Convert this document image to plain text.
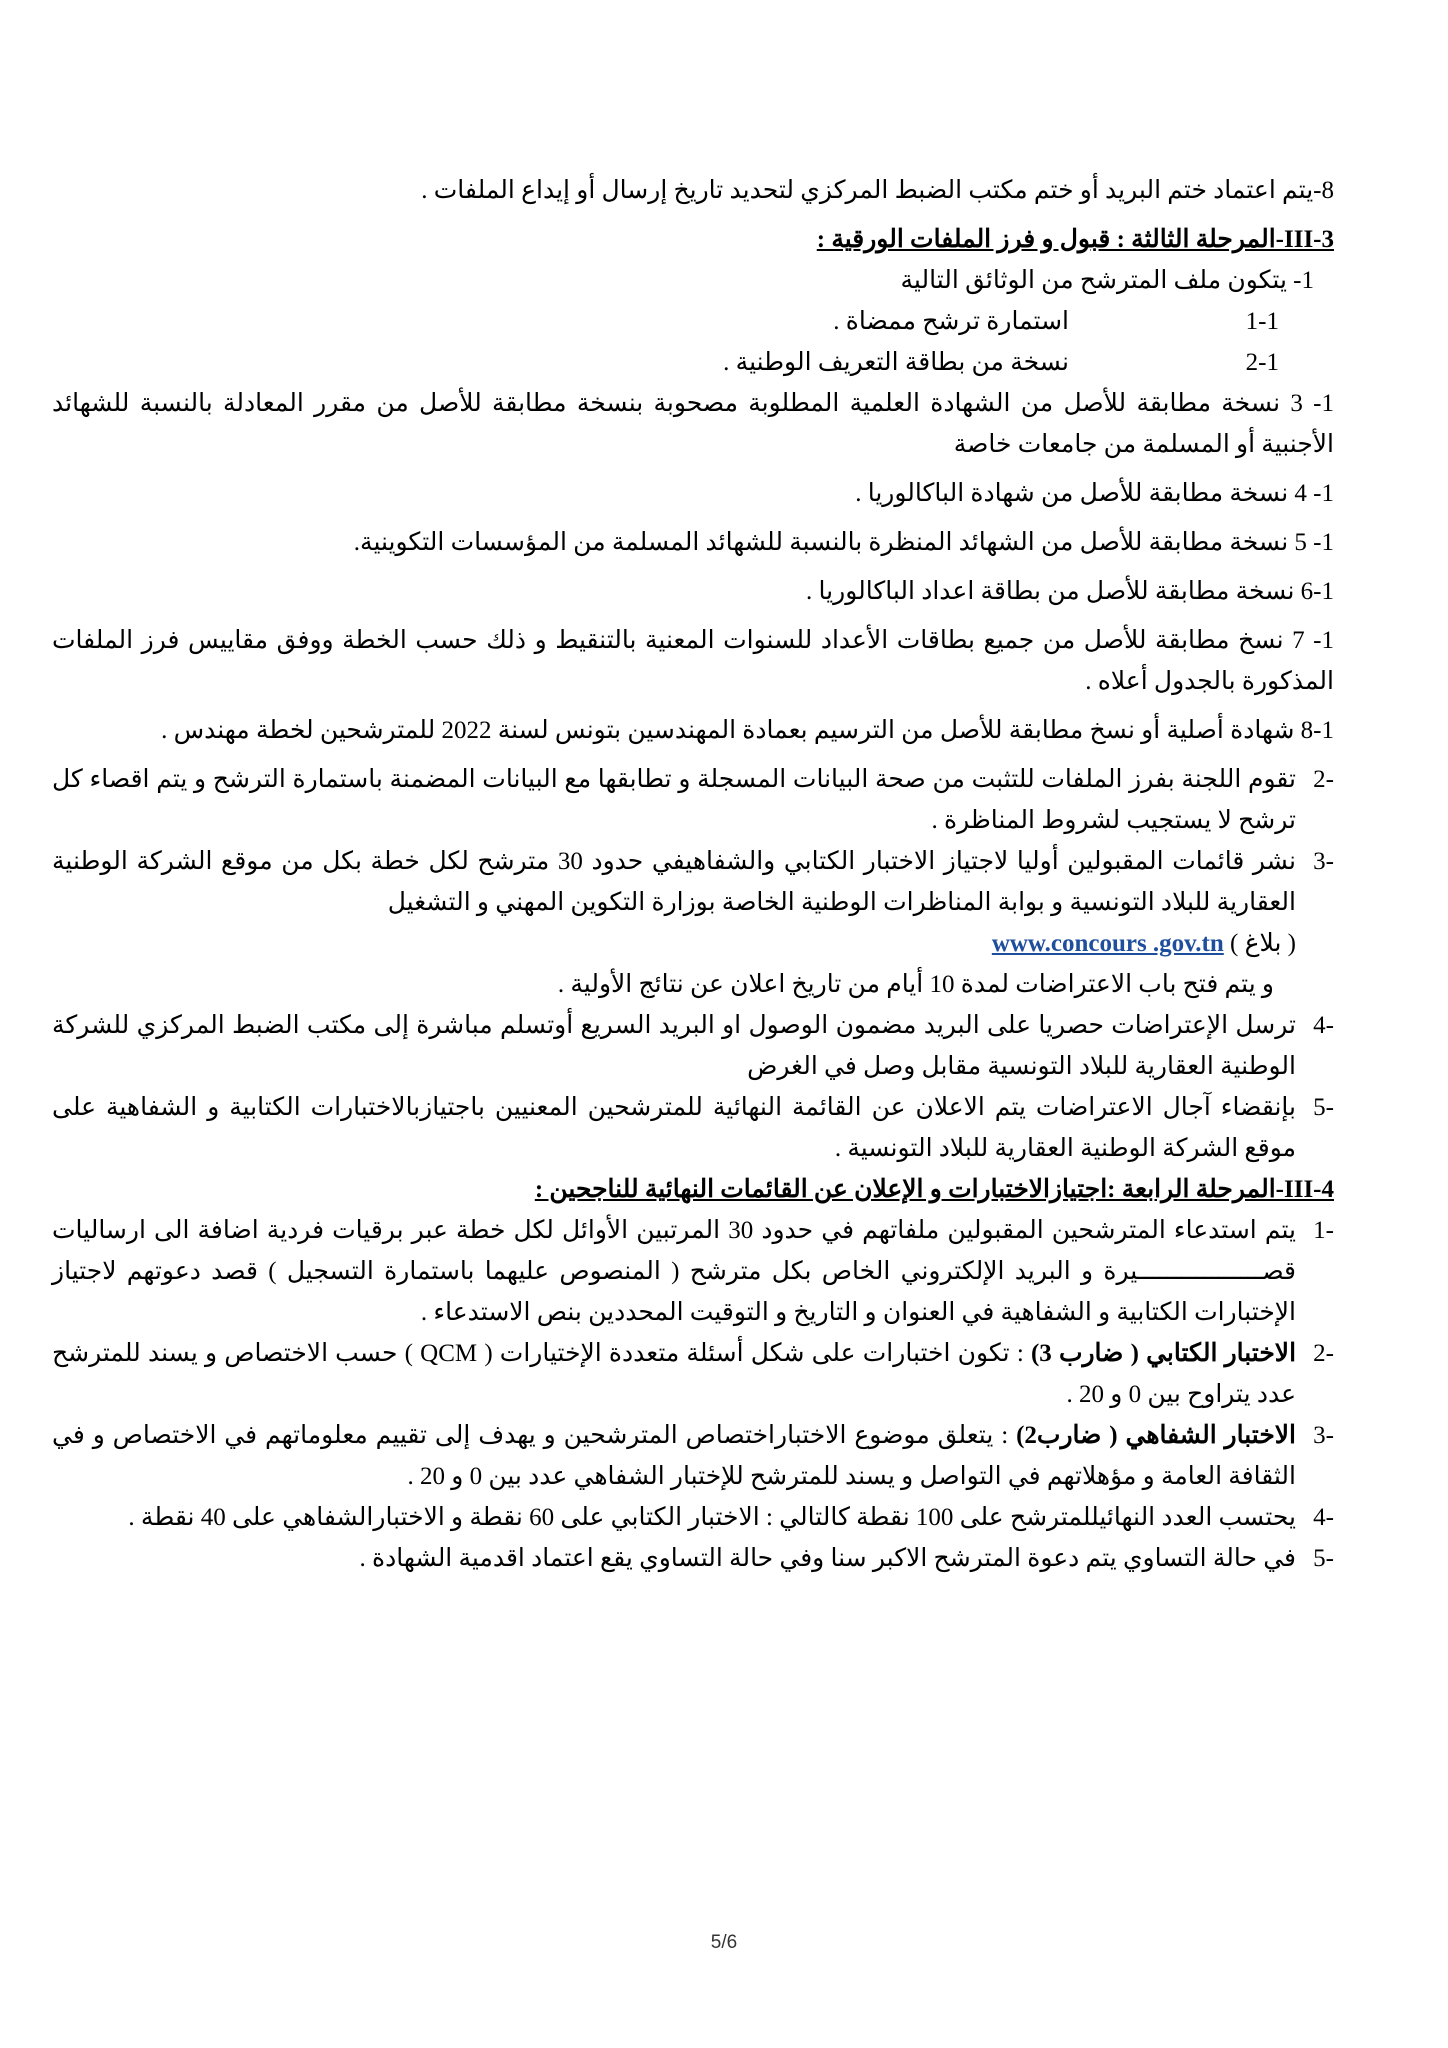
8-يتم اعتماد ختم البريد أو ختم مكتب الضبط المركزي لتحديد تاريخ إرسال أو إيداع الملفات .
III-3-المرحلة الثالثة : قبول و فرز الملفات الورقية :
1- يتكون ملف المترشح من الوثائق التالية
1-1استمارة ترشح ممضاة .
2-1نسخة من بطاقة التعريف الوطنية .
1- 3 نسخة مطابقة للأصل من الشهادة العلمية المطلوبة مصحوبة بنسخة مطابقة للأصل من مقرر المعادلة بالنسبة للشهائد الأجنبية أو المسلمة من جامعات خاصة
1- 4 نسخة مطابقة للأصل من شهادة الباكالوريا .
1- 5 نسخة مطابقة للأصل من الشهائد المنظرة بالنسبة للشهائد المسلمة من المؤسسات التكوينية.
6-1 نسخة مطابقة للأصل من بطاقة اعداد الباكالوريا .
1- 7 نسخ مطابقة للأصل من جميع بطاقات الأعداد للسنوات المعنية بالتنقيط و ذلك حسب الخطة ووفق مقاييس فرز الملفات المذكورة بالجدول أعلاه .
8-1 شهادة أصلية أو نسخ مطابقة للأصل من الترسيم بعمادة المهندسين بتونس لسنة 2022 للمترشحين لخطة مهندس .
-2
تقوم اللجنة بفرز الملفات للتثبت من صحة البيانات المسجلة و تطابقها مع البيانات المضمنة باستمارة الترشح و يتم اقصاء كل ترشح لا يستجيب لشروط المناظرة .
-3
نشر قائمات المقبولين أوليا لاجتياز الاختبار الكتابي والشفاهيفي حدود 30 مترشح لكل خطة بكل من موقع الشركة الوطنية العقارية للبلاد التونسية و بوابة المناظرات الوطنية الخاصة بوزارة التكوين المهني و التشغيل
( بلاغ ) www.concours .gov.tn
و يتم فتح باب الاعتراضات لمدة 10 أيام من تاريخ اعلان عن نتائج الأولية .
-4
ترسل الإعتراضات حصريا على البريد مضمون الوصول او البريد السريع أوتسلم مباشرة إلى مكتب الضبط المركزي للشركة الوطنية العقارية للبلاد التونسية مقابل وصل في الغرض
-5
بإنقضاء آجال الاعتراضات يتم الاعلان عن القائمة النهائية للمترشحين المعنيين باجتيازبالاختبارات الكتابية و الشفاهية على موقع الشركة الوطنية العقارية للبلاد التونسية .
III-4-المرحلة الرابعة :اجتيازالاختبارات و الإعلان عن القائمات النهائية للناجحين :
-1
يتم استدعاء المترشحين المقبولين ملفاتهم في حدود 30 المرتبين الأوائل لكل خطة عبر برقيات فردية اضافة الى ارساليات قصـــــــــــــــــيرة و البريد الإلكتروني الخاص بكل مترشح ( المنصوص عليهما باستمارة التسجيل ) قصد دعوتهم لاجتياز الإختبارات الكتابية و الشفاهية في العنوان و التاريخ و التوقيت المحددين بنص الاستدعاء .
-2
الاختبار الكتابي ( ضارب 3) : تكون اختبارات على شكل أسئلة متعددة الإختيارات ( QCM ) حسب الاختصاص و يسند للمترشح عدد يتراوح بين 0 و 20 .
-3
الاختبار الشفاهي ( ضارب2) : يتعلق موضوع الاختباراختصاص المترشحين و يهدف إلى تقييم معلوماتهم في الاختصاص و في الثقافة العامة و مؤهلاتهم في التواصل و يسند للمترشح للإختبار الشفاهي عدد بين 0 و 20 .
-4
يحتسب العدد النهائيللمترشح على 100 نقطة كالتالي : الاختبار الكتابي على 60 نقطة و الاختبارالشفاهي على 40 نقطة .
-5
في حالة التساوي يتم دعوة المترشح الاكبر سنا وفي حالة التساوي يقع اعتماد اقدمية الشهادة .
5/6
